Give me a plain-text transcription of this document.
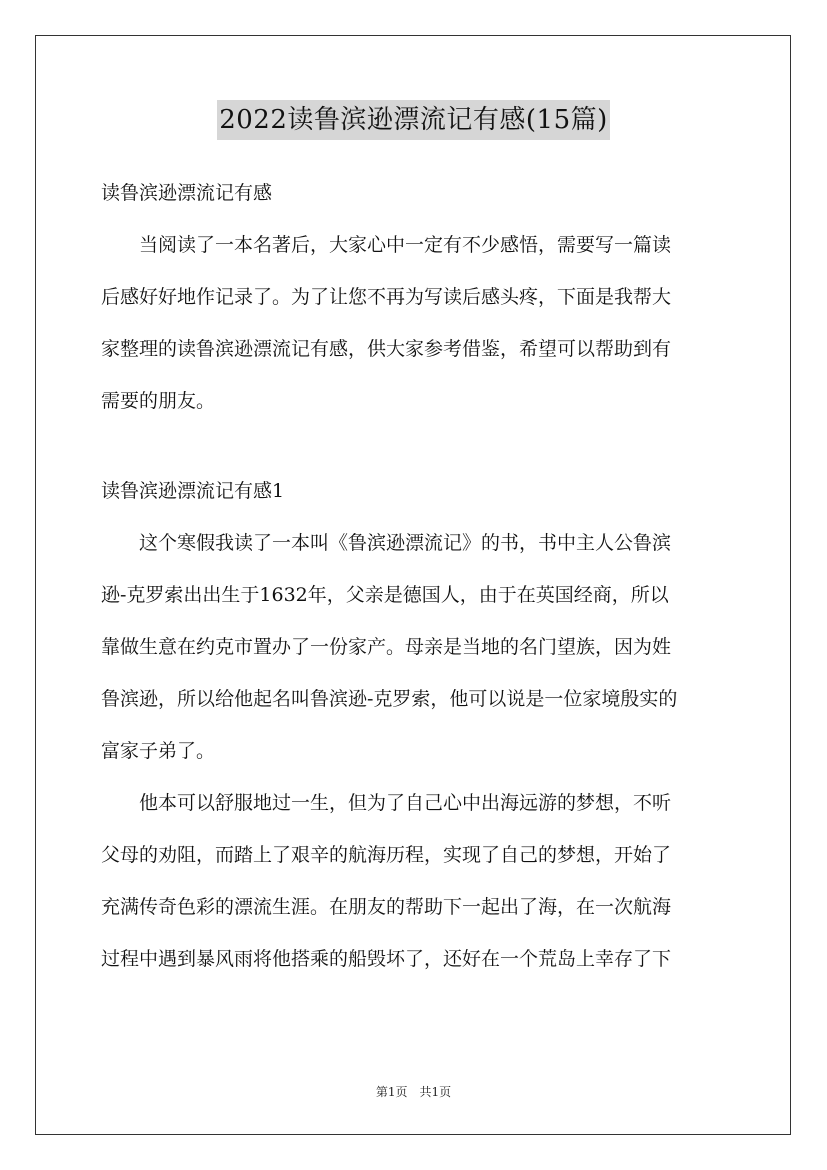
2022读鲁滨逊漂流记有感(15篇)
读鲁滨逊漂流记有感
　　当阅读了一本名著后，大家心中一定有不少感悟，需要写一篇读
后感好好地作记录了。为了让您不再为写读后感头疼，下面是我帮大
家整理的读鲁滨逊漂流记有感，供大家参考借鉴，希望可以帮助到有
需要的朋友。
读鲁滨逊漂流记有感1
　　这个寒假我读了一本叫《鲁滨逊漂流记》的书，书中主人公鲁滨
逊-克罗索出出生于1632年，父亲是德国人，由于在英国经商，所以
靠做生意在约克市置办了一份家产。母亲是当地的名门望族，因为姓
鲁滨逊，所以给他起名叫鲁滨逊-克罗索，他可以说是一位家境殷实的
富家子弟了。
　　他本可以舒服地过一生，但为了自己心中出海远游的梦想，不听
父母的劝阻，而踏上了艰辛的航海历程，实现了自己的梦想，开始了
充满传奇色彩的漂流生涯。在朋友的帮助下一起出了海，在一次航海
过程中遇到暴风雨将他搭乘的船毁坏了，还好在一个荒岛上幸存了下
第1页　共1页
